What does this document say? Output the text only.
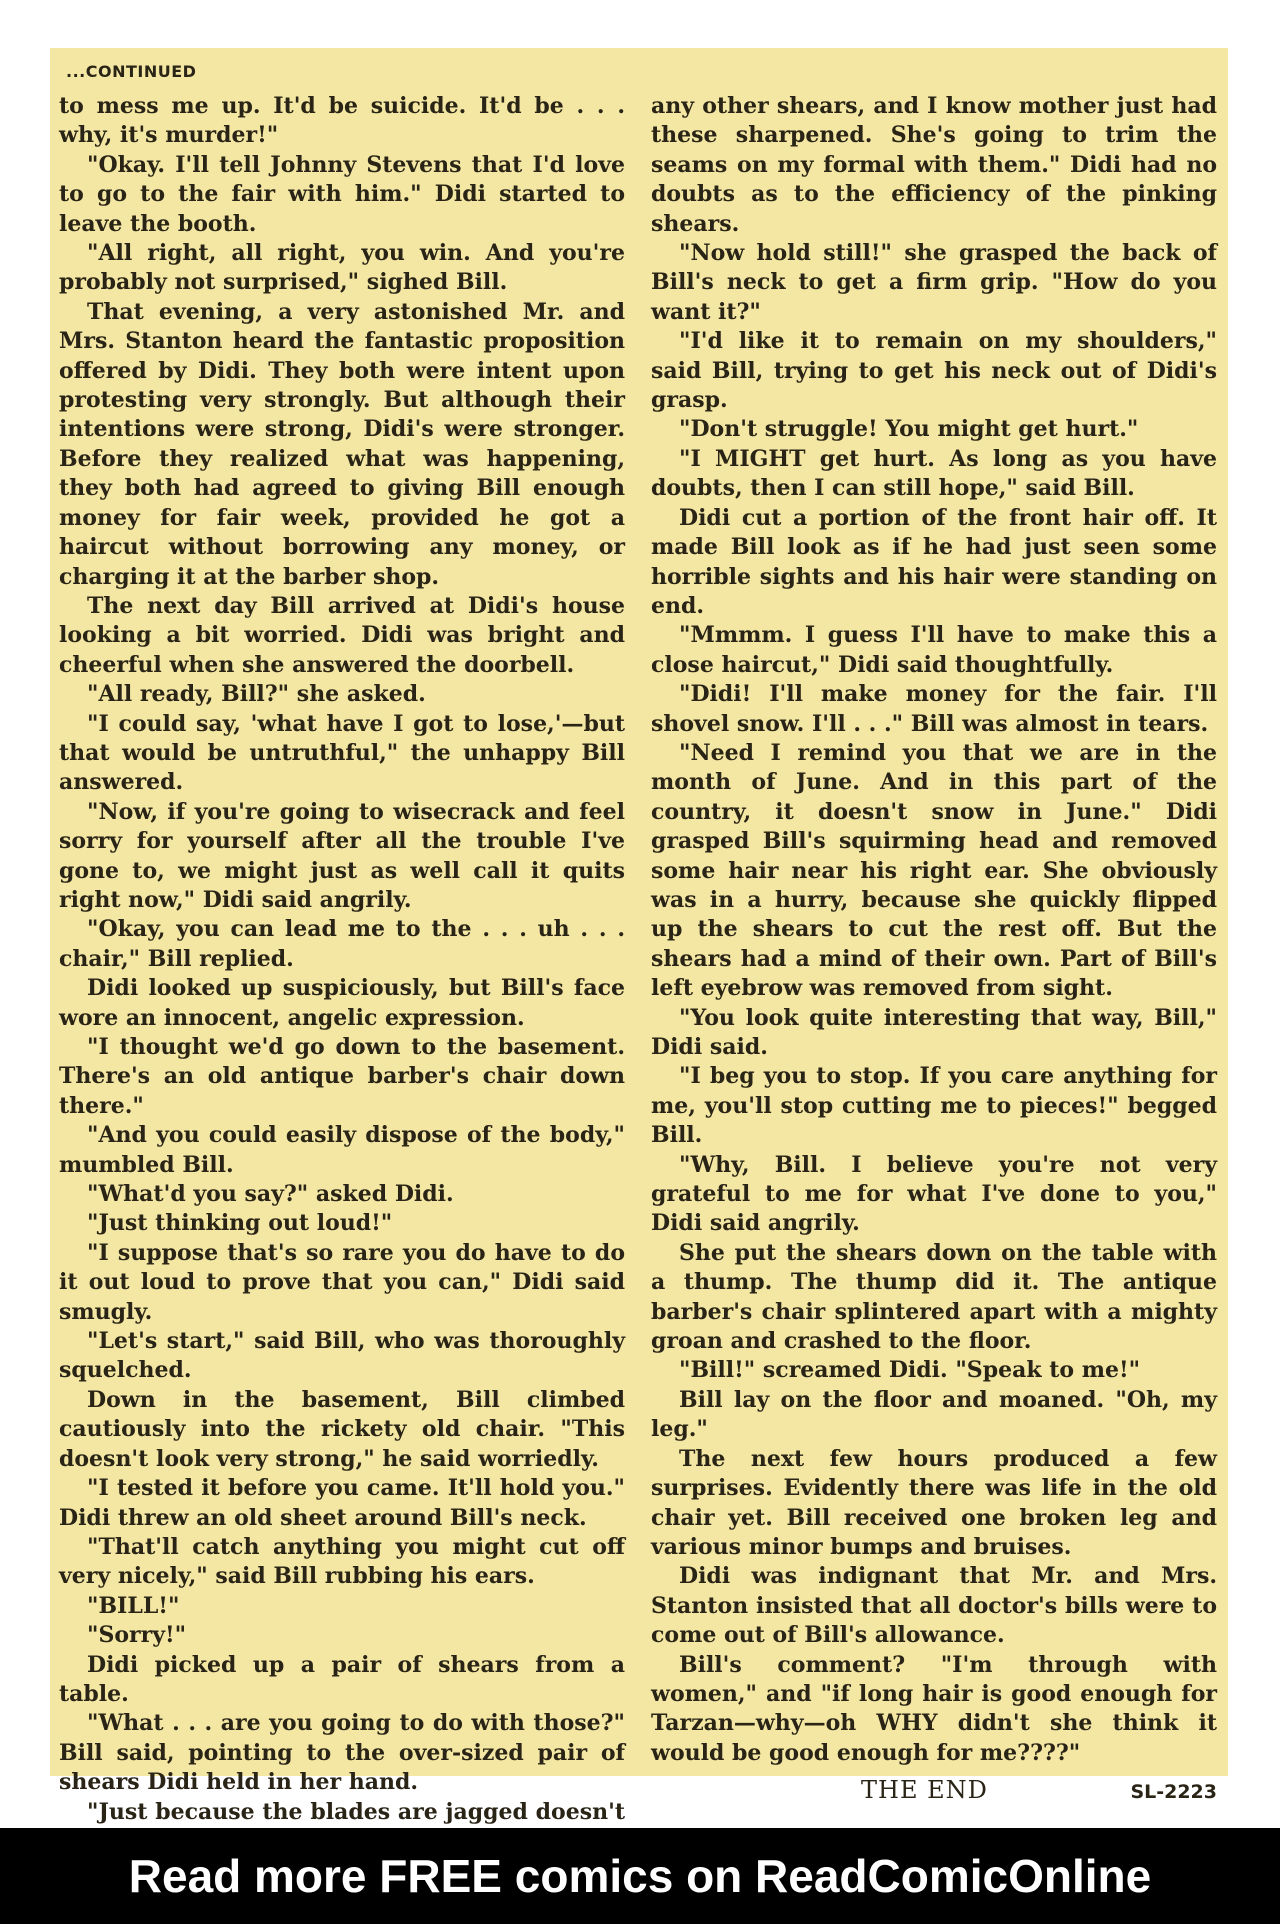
...CONTINUED

to mess me up. It'd be suicide. It'd be . . . why, it's murder!"

"Okay. I'll tell Johnny Stevens that I'd love to go to the fair with him." Didi started to leave the booth.

"All right, all right, you win. And you're probably not surprised," sighed Bill.

That evening, a very astonished Mr. and Mrs. Stanton heard the fantastic proposition offered by Didi. They both were intent upon protesting very strongly. But although their intentions were strong, Didi's were stronger. Before they realized what was happening, they both had agreed to giving Bill enough money for fair week, provided he got a haircut without borrowing any money, or charging it at the barber shop.

The next day Bill arrived at Didi's house looking a bit worried. Didi was bright and cheerful when she answered the doorbell.

"All ready, Bill?" she asked.

"I could say, 'what have I got to lose,'—but that would be untruthful," the unhappy Bill answered.

"Now, if you're going to wisecrack and feel sorry for yourself after all the trouble I've gone to, we might just as well call it quits right now," Didi said angrily.

"Okay, you can lead me to the . . . uh . . . chair," Bill replied.

Didi looked up suspiciously, but Bill's face wore an innocent, angelic expression.

"I thought we'd go down to the basement. There's an old antique barber's chair down there."

"And you could easily dispose of the body," mumbled Bill.

"What'd you say?" asked Didi.

"Just thinking out loud!"

"I suppose that's so rare you do have to do it out loud to prove that you can," Didi said smugly.

"Let's start," said Bill, who was thoroughly squelched.

Down in the basement, Bill climbed cautiously into the rickety old chair. "This doesn't look very strong," he said worriedly.

"I tested it before you came. It'll hold you." Didi threw an old sheet around Bill's neck.

"That'll catch anything you might cut off very nicely," said Bill rubbing his ears.

"BILL!"

"Sorry!"

Didi picked up a pair of shears from a table.

"What . . . are you going to do with those?" Bill said, pointing to the over-sized pair of shears Didi held in her hand.

"Just because the blades are jagged doesn't

any other shears, and I know mother just had these sharpened. She's going to trim the seams on my formal with them." Didi had no doubts as to the efficiency of the pinking shears.

"Now hold still!" she grasped the back of Bill's neck to get a firm grip. "How do you want it?"

"I'd like it to remain on my shoulders," said Bill, trying to get his neck out of Didi's grasp.

"Don't struggle! You might get hurt."

"I MIGHT get hurt. As long as you have doubts, then I can still hope," said Bill.

Didi cut a portion of the front hair off. It made Bill look as if he had just seen some horrible sights and his hair were standing on end.

"Mmmm. I guess I'll have to make this a close haircut," Didi said thoughtfully.

"Didi! I'll make money for the fair. I'll shovel snow. I'll . . ." Bill was almost in tears.

"Need I remind you that we are in the month of June. And in this part of the country, it doesn't snow in June." Didi grasped Bill's squirming head and removed some hair near his right ear. She obviously was in a hurry, because she quickly flipped up the shears to cut the rest off. But the shears had a mind of their own. Part of Bill's left eyebrow was removed from sight.

"You look quite interesting that way, Bill," Didi said.

"I beg you to stop. If you care anything for me, you'll stop cutting me to pieces!" begged Bill.

"Why, Bill. I believe you're not very grateful to me for what I've done to you," Didi said angrily.

She put the shears down on the table with a thump. The thump did it. The antique barber's chair splintered apart with a mighty groan and crashed to the floor.

"Bill!" screamed Didi. "Speak to me!"

Bill lay on the floor and moaned. "Oh, my leg."

The next few hours produced a few surprises. Evidently there was life in the old chair yet. Bill received one broken leg and various minor bumps and bruises.

Didi was indignant that Mr. and Mrs. Stanton insisted that all doctor's bills were to come out of Bill's allowance.

Bill's comment? "I'm through with women," and "if long hair is good enough for Tarzan—why—oh WHY didn't she think it would be good enough for me????"

THE END	SL-2223
Read more FREE comics on ReadComicOnline
